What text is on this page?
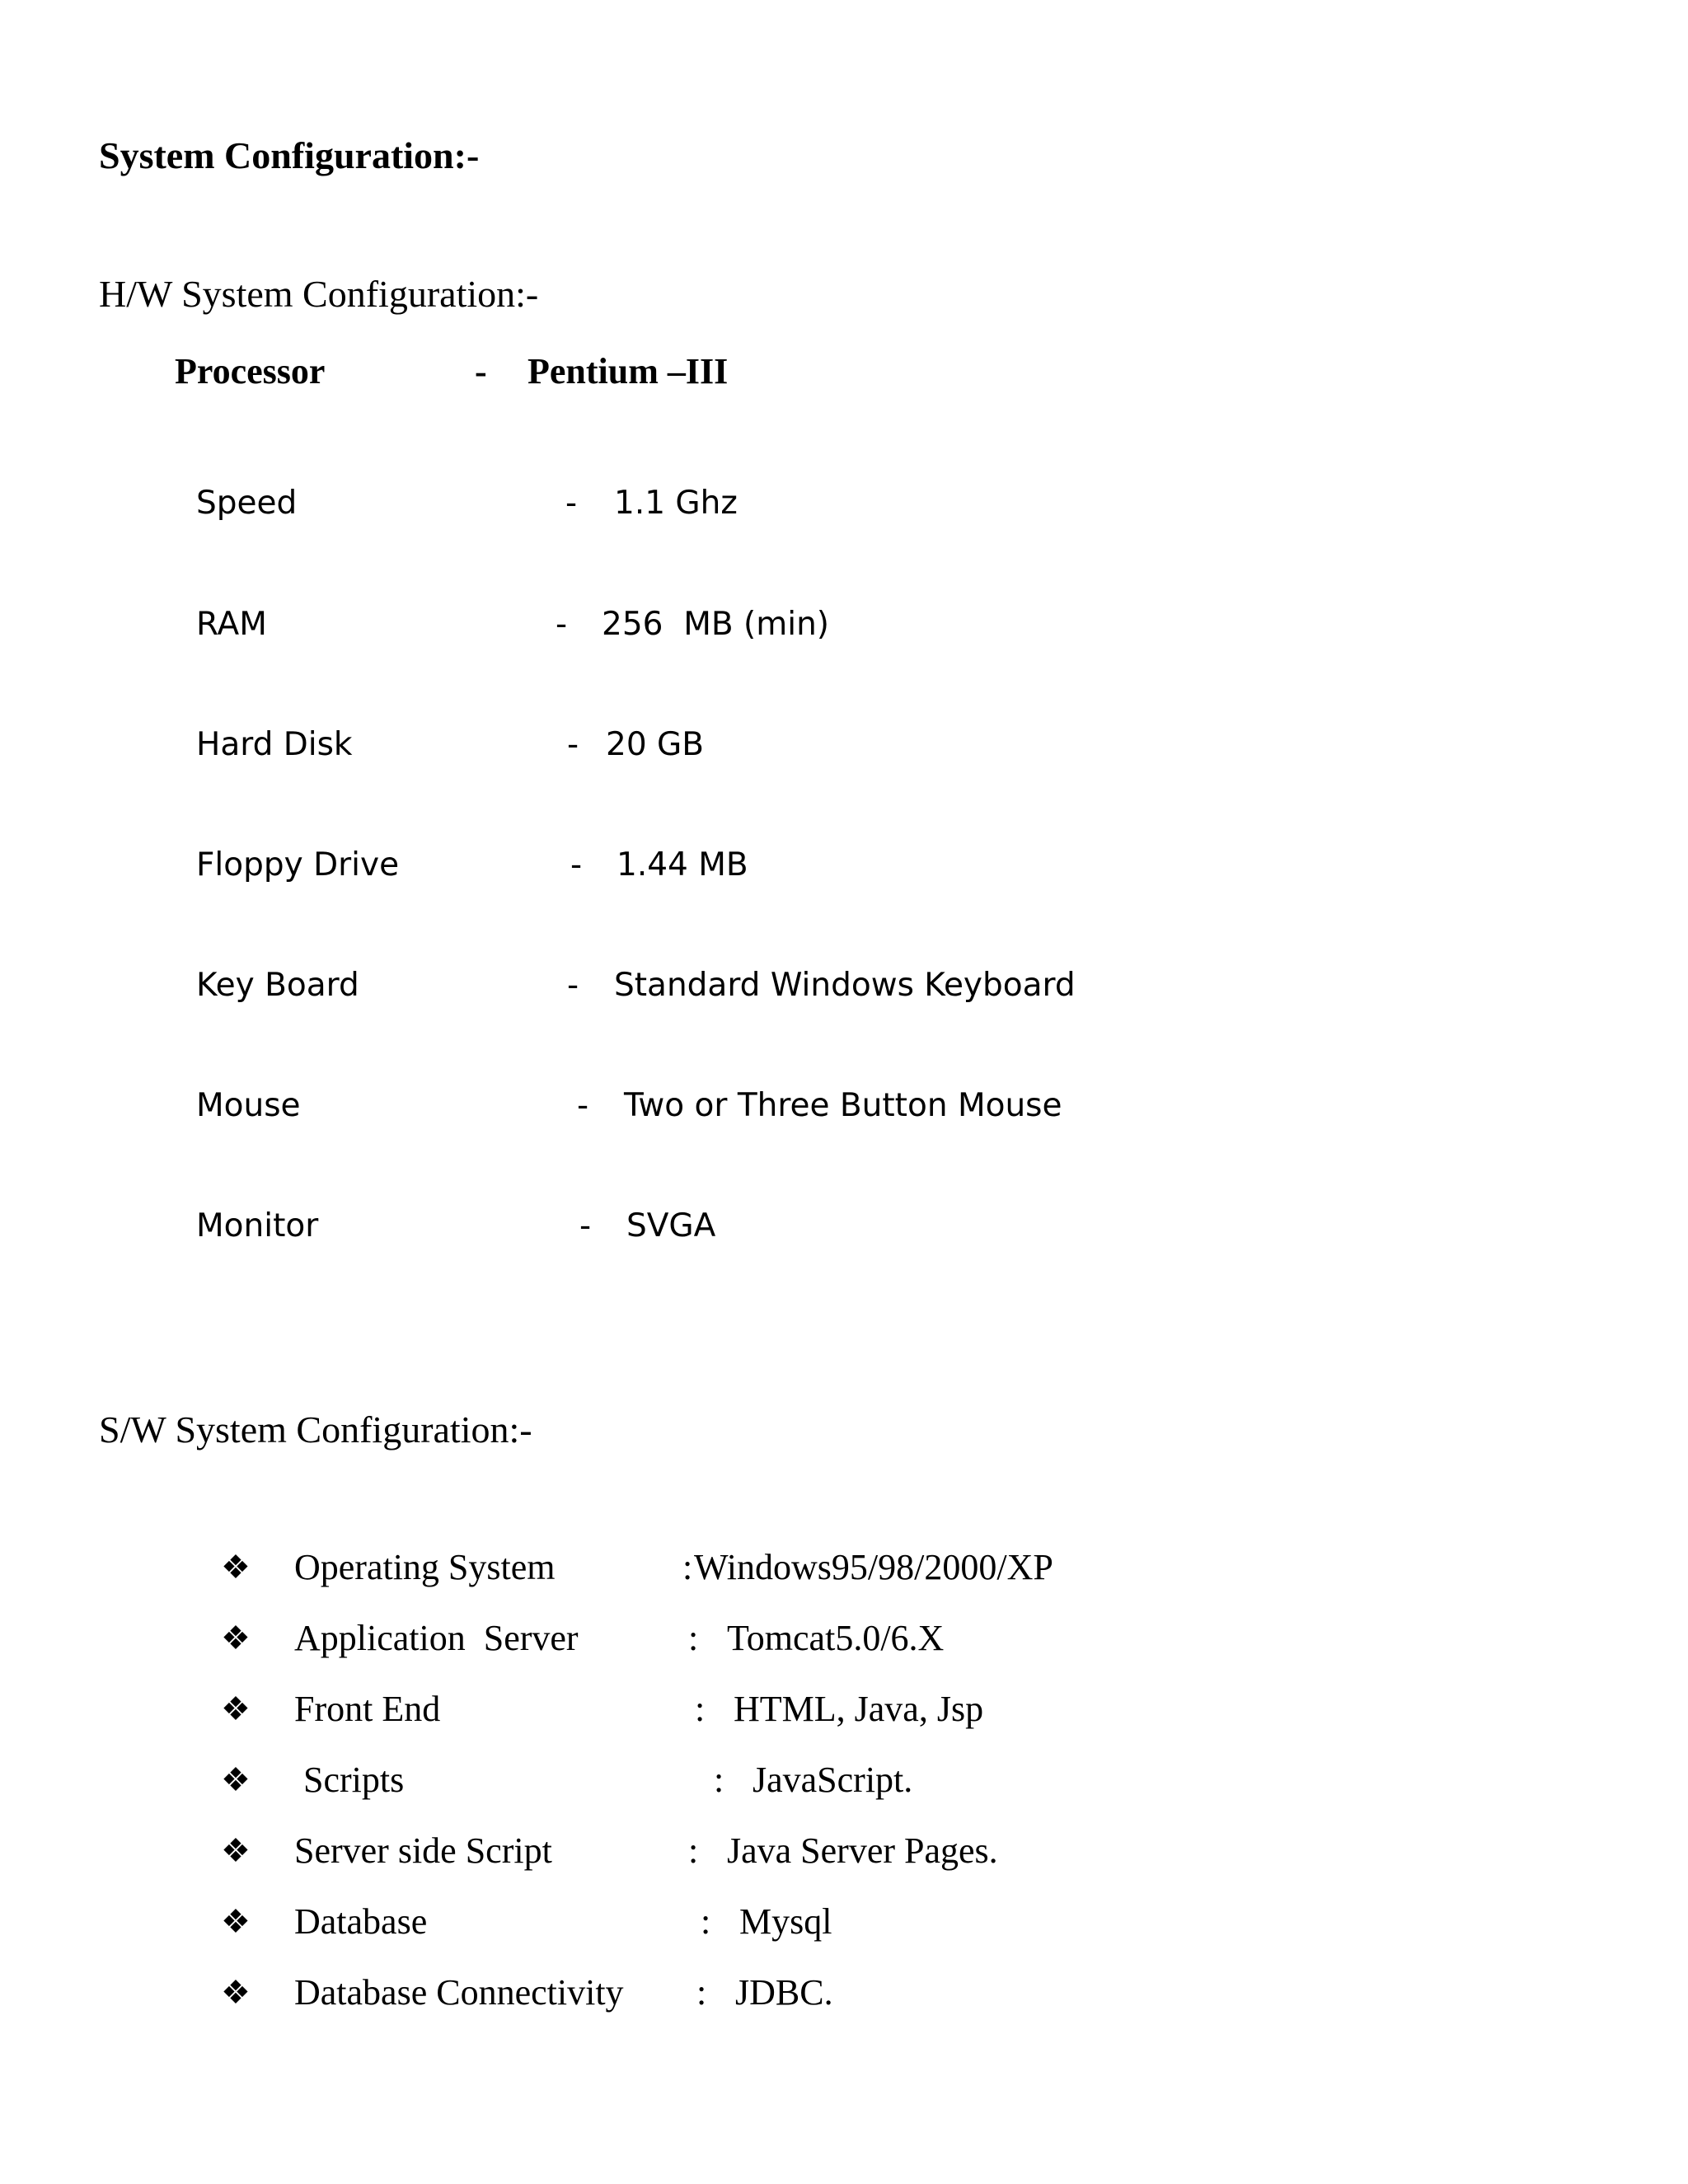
System Configuration:-
H/W System Configuration:-
Processor	- Pentium –III
Speed	- 1.1 Ghz
RAM	- 256  MB (min)
Hard Disk	- 20 GB
Floppy Drive	- 1.44 MB
Key Board	- Standard Windows Keyboard
Mouse	- Two or Three Button Mouse
Monitor	- SVGA
S/W System Configuration:-
❖ Operating System	: Windows95/98/2000/XP
❖ Application  Server	: Tomcat5.0/6.X
❖ Front End	: HTML, Java, Jsp
❖ Scripts	: JavaScript.
❖ Server side Script	: Java Server Pages.
❖ Database	: Mysql
❖ Database Connectivity : JDBC.
